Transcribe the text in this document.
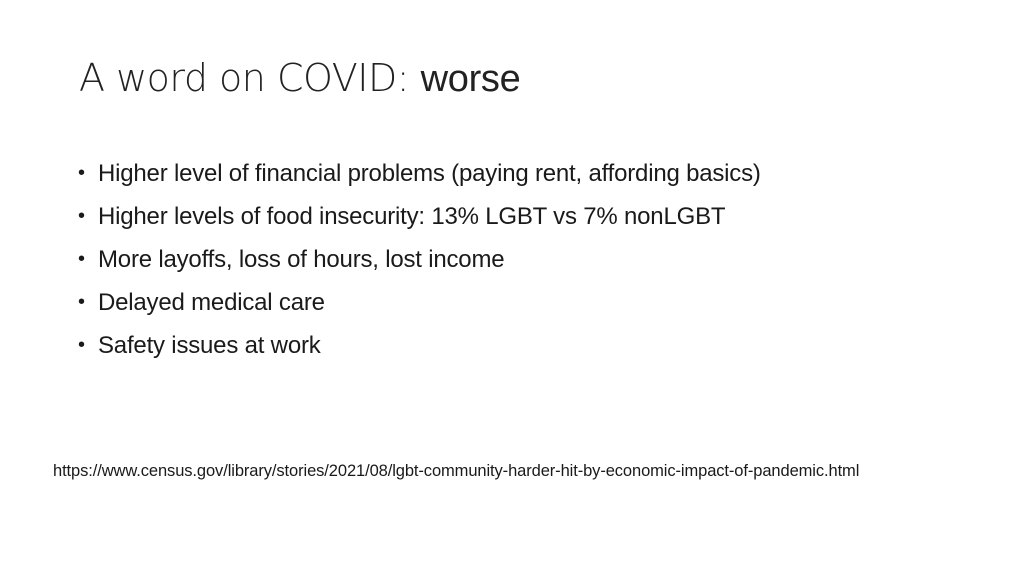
A word on COVID: worse
• Higher level of financial problems (paying rent, affording basics)
• Higher levels of food insecurity: 13% LGBT vs 7% nonLGBT
• More layoffs, loss of hours, lost income
• Delayed medical care
• Safety issues at work
https://www.census.gov/library/stories/2021/08/lgbt-community-harder-hit-by-economic-impact-of-pandemic.html
